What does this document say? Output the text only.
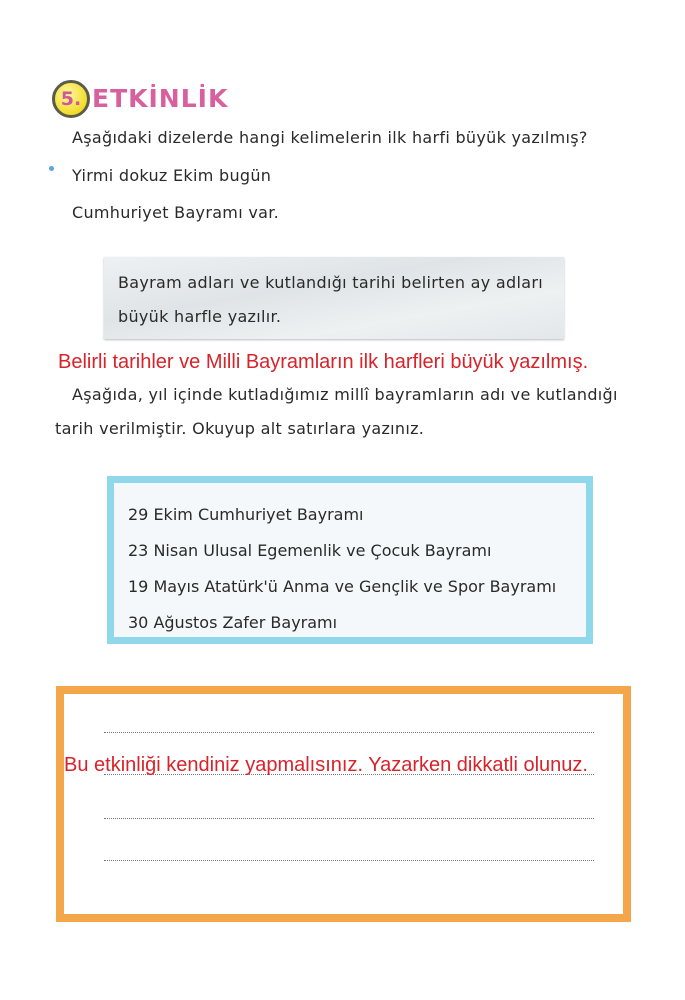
5. ETKİNLİK
Aşağıdaki dizelerde hangi kelimelerin ilk harfi büyük yazılmış?
Yirmi dokuz Ekim bugün
Cumhuriyet Bayramı var.
Bayram adları ve kutlandığı tarihi belirten ay adları
büyük harfle yazılır.
Belirli tarihler ve Milli Bayramların ilk harfleri büyük yazılmış.
Aşağıda, yıl içinde kutladığımız millî bayramların adı ve kutlandığı
tarih verilmiştir. Okuyup alt satırlara yazınız.
29 Ekim Cumhuriyet Bayramı
23 Nisan Ulusal Egemenlik ve Çocuk Bayramı
19 Mayıs Atatürk'ü Anma ve Gençlik ve Spor Bayramı
30 Ağustos Zafer Bayramı
Bu etkinliği kendiniz yapmalısınız. Yazarken dikkatli olunuz.
